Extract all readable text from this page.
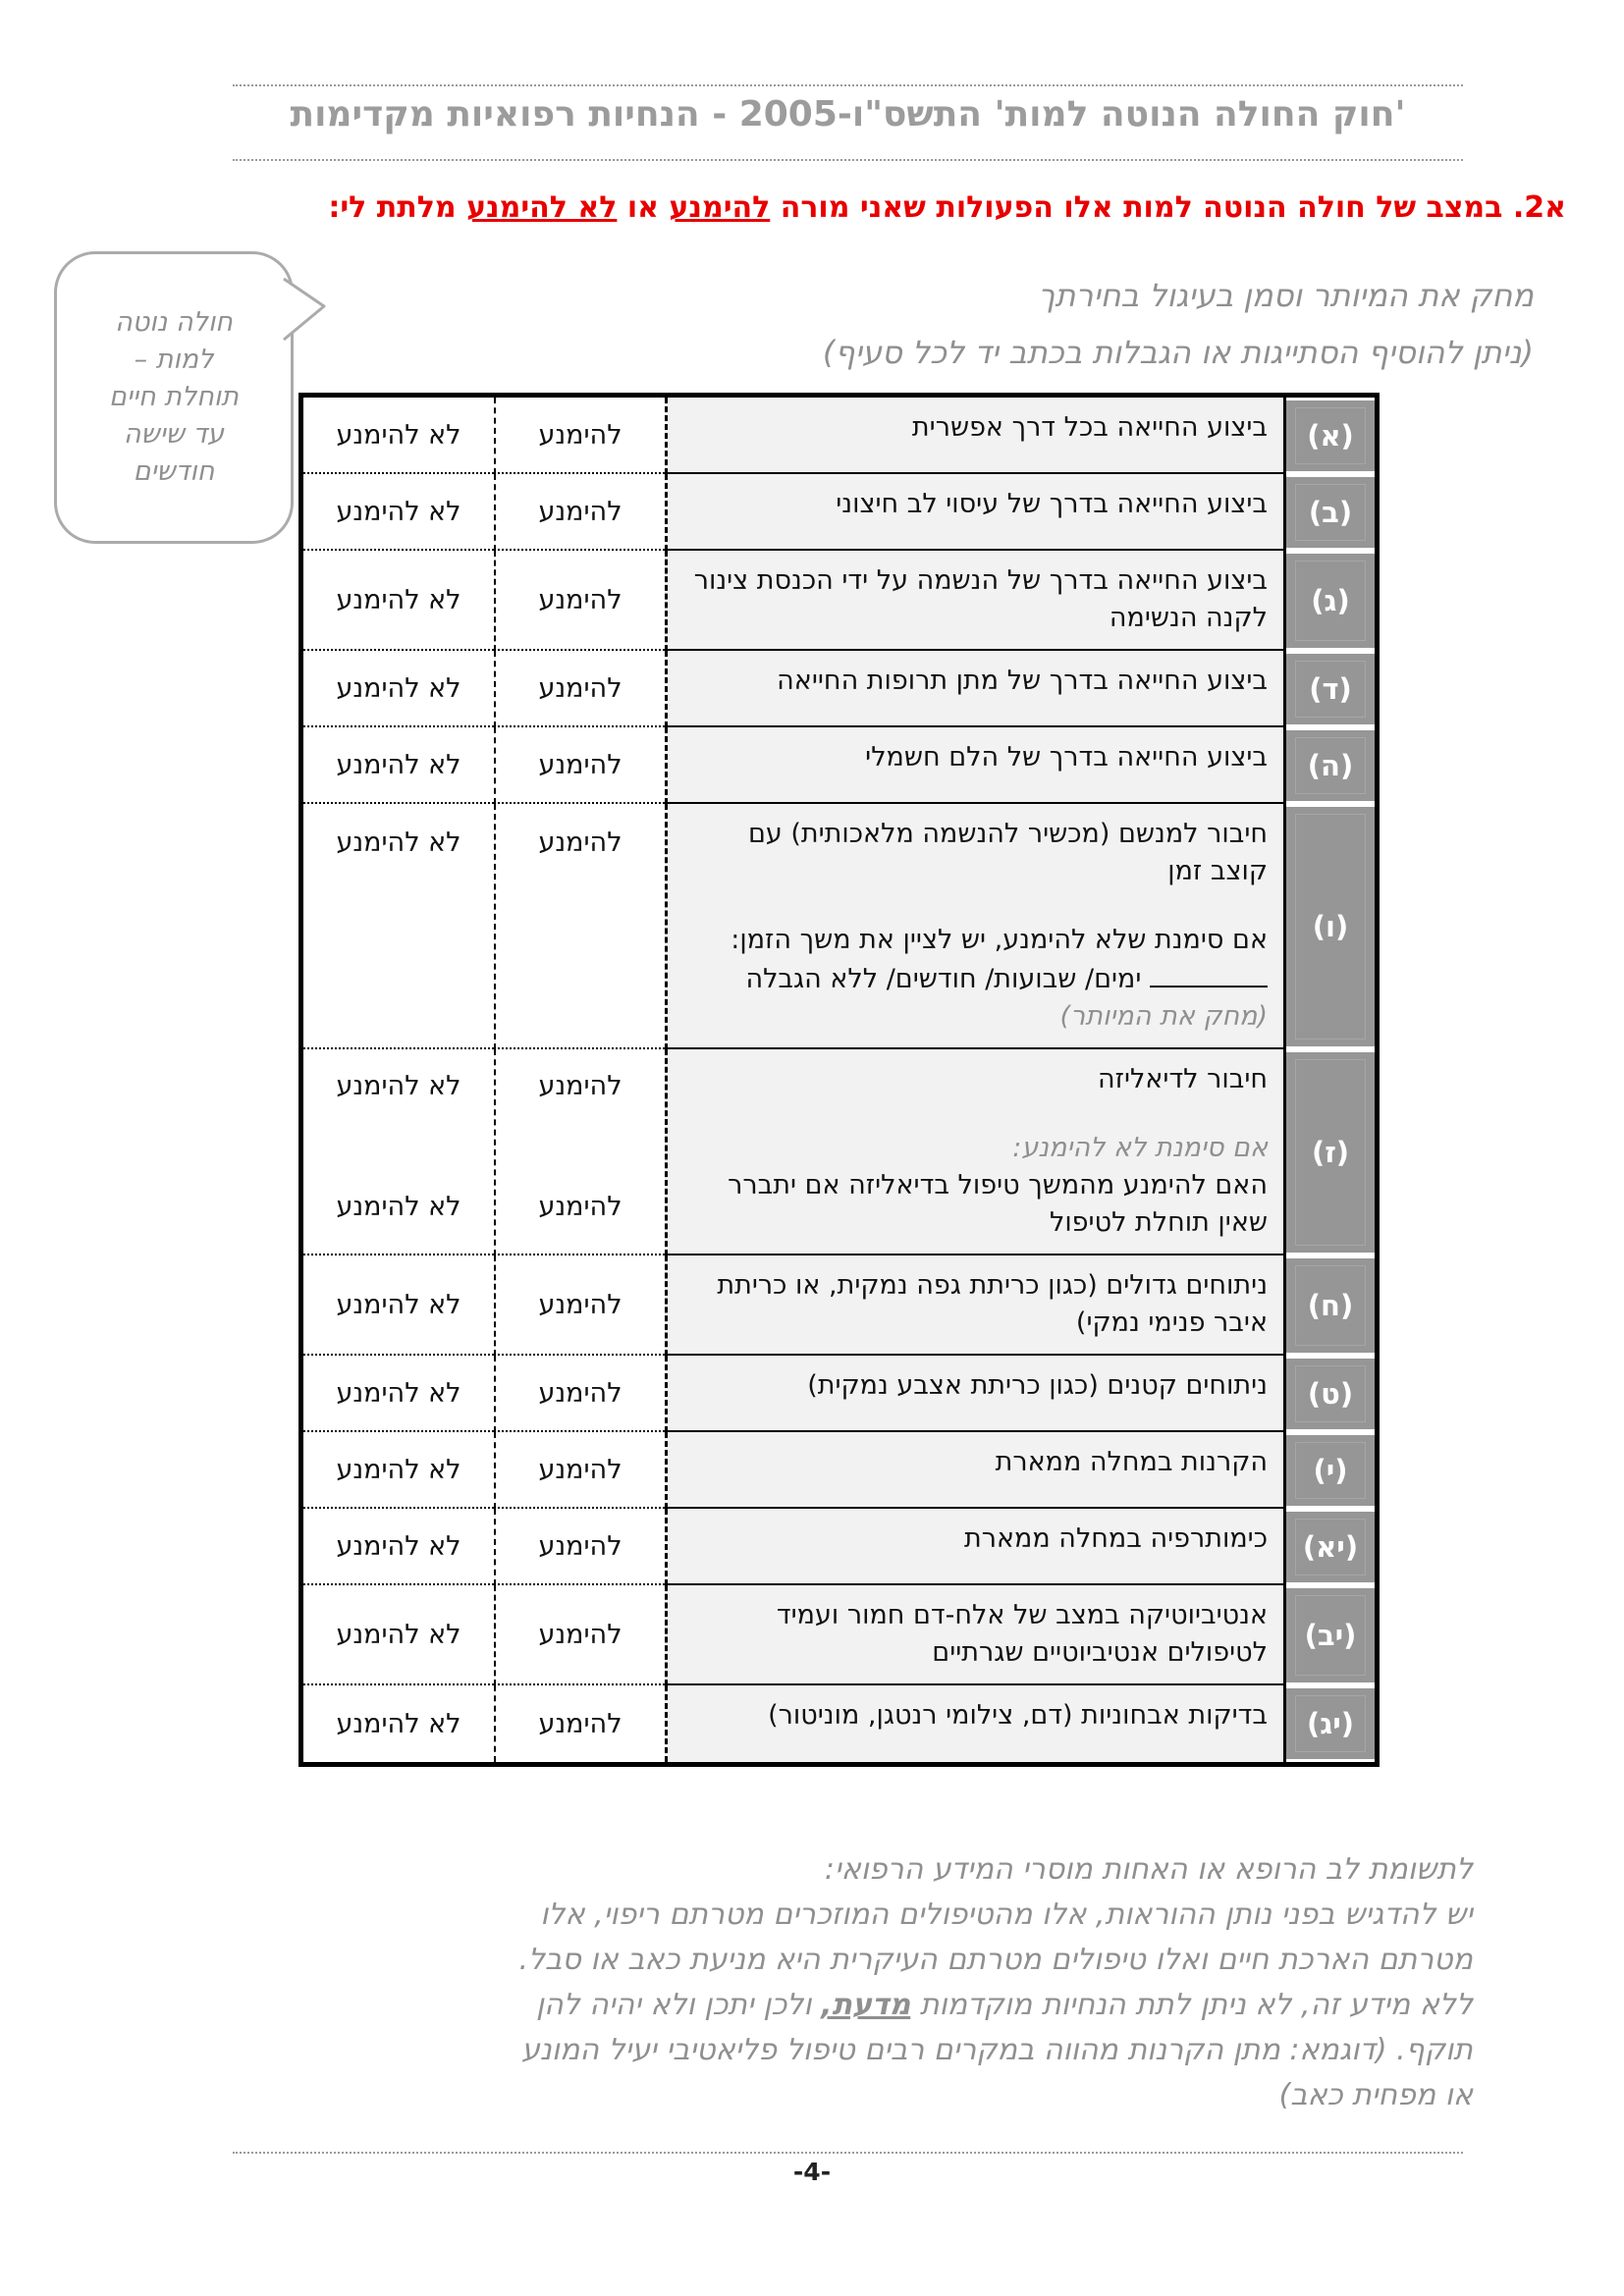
'חוק החולה הנוטה למות' התשס"ו-2005 - הנחיות רפואיות מקדימות
א2. במצב של חולה הנוטה למות אלו הפעולות שאני מורה להימנע או לא להימנע מלתת לי:
חולה נוטה
למות –
תוחלת חיים
עד שישה
חודשים
מחק את המיותר וסמן בעיגול בחירתך
(ניתן להוסיף הסתייגות או הגבלות בכתב יד לכל סעיף)
(א)

ביצוע החייאה בכל דרך אפשרית

להימנע
לא להימנע
(ב)

ביצוע החייאה בדרך של עיסוי לב חיצוני

להימנע
לא להימנע
(ג)

ביצוע החייאה בדרך של הנשמה על ידי הכנסת צינור לקנה הנשימה

להימנע
לא להימנע
(ד)

ביצוע החייאה בדרך של מתן תרופות החייאה

להימנע
לא להימנע
(ה)

ביצוע החייאה בדרך של הלם חשמלי

להימנע
לא להימנע
(ו)

חיבור למנשם (מכשיר להנשמה מלאכותית) עם קוצב זמן

אם סימנת שלא להימנע, יש לציין את משך הזמן:  ימים/ שבועות/ חודשים/ ללא הגבלה (מחק את המיותר)

להימנע
לא להימנע
(ז)

חיבור לדיאליזה

אם סימנת לא להימנע:

האם להימנע מהמשך טיפול בדיאליזה אם יתברר שאין תוחלת לטיפול

להימנע
להימנע
לא להימנע
לא להימנע
(ח)

ניתוחים גדולים (כגון כריתת גפה נמקית, או כריתת איבר פנימי נמקי)

להימנע
לא להימנע
(ט)

ניתוחים קטנים (כגון כריתת אצבע נמקית)

להימנע
לא להימנע
(י)

הקרנות במחלה ממארת

להימנע
לא להימנע
(יא)

כימותרפיה במחלה ממארת

להימנע
לא להימנע
(יב)

אנטיביוטיקה במצב של אלח-דם חמור ועמיד לטיפולים אנטיביוטיים שגרתיים

להימנע
לא להימנע
(יג)

בדיקות אבחוניות (דם, צילומי רנטגן, מוניטור)

להימנע
לא להימנע
לתשומת לב הרופא או האחות מוסרי המידע הרפואי:
יש להדגיש בפני נותן ההוראות, אלו מהטיפולים המוזכרים מטרתם ריפוי, אלו
מטרתם הארכת חיים ואלו טיפולים מטרתם העיקרית היא מניעת כאב או סבל.
ללא מידע זה, לא ניתן לתת הנחיות מוקדמות מדעת, ולכן יתכן ולא יהיה להן
תוקף. (דוגמא: מתן הקרנות מהווה במקרים רבים טיפול פליאטיבי יעיל המונע
או מפחית כאב)
-4-
